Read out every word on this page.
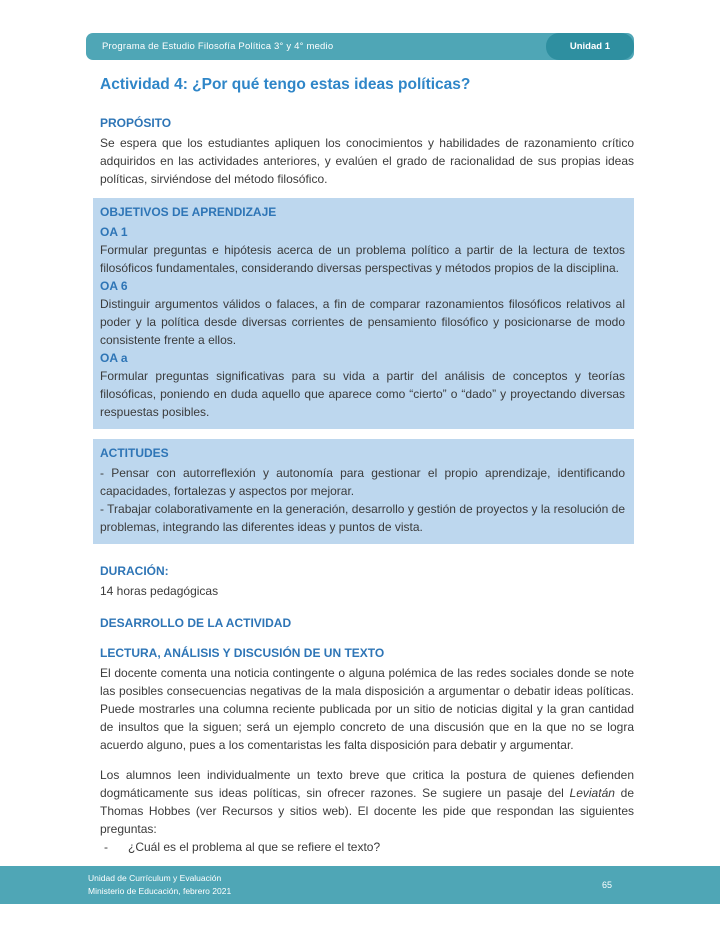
Programa de Estudio Filosofía Política 3° y 4° medio	Unidad 1
Actividad 4: ¿Por qué tengo estas ideas políticas?
PROPÓSITO

Se espera que los estudiantes apliquen los conocimientos y habilidades de razonamiento crítico adquiridos en las actividades anteriores, y evalúen el grado de racionalidad de sus propias ideas políticas, sirviéndose del método filosófico.

OBJETIVOS DE APRENDIZAJE
OA 1

Formular preguntas e hipótesis acerca de un problema político a partir de la lectura de textos filosóficos fundamentales, considerando diversas perspectivas y métodos propios de la disciplina.

OA 6

Distinguir argumentos válidos o falaces, a fin de comparar razonamientos filosóficos relativos al poder y la política desde diversas corrientes de pensamiento filosófico y posicionarse de modo consistente frente a ellos.

OA a

Formular preguntas significativas para su vida a partir del análisis de conceptos y teorías filosóficas, poniendo en duda aquello que aparece como “cierto” o “dado” y proyectando diversas respuestas posibles.

ACTITUDES

- Pensar con autorreflexión y autonomía para gestionar el propio aprendizaje, identificando capacidades, fortalezas y aspectos por mejorar.

- Trabajar colaborativamente en la generación, desarrollo y gestión de proyectos y la resolución de problemas, integrando las diferentes ideas y puntos de vista.

DURACIÓN:

14 horas pedagógicas

DESARROLLO DE LA ACTIVIDAD
LECTURA, ANÁLISIS Y DISCUSIÓN DE UN TEXTO

El docente comenta una noticia contingente o alguna polémica de las redes sociales donde se note las posibles consecuencias negativas de la mala disposición a argumentar o debatir ideas políticas. Puede mostrarles una columna reciente publicada por un sitio de noticias digital y la gran cantidad de insultos que la siguen; será un ejemplo concreto de una discusión que en la que no se logra acuerdo alguno, pues a los comentaristas les falta disposición para debatir y argumentar.

Los alumnos leen individualmente un texto breve que critica la postura de quienes defienden dogmáticamente sus ideas políticas, sin ofrecer razones. Se sugiere un pasaje del Leviatán de Thomas Hobbes (ver Recursos y sitios web). El docente les pide que respondan las siguientes preguntas:

-	¿Cuál es el problema al que se refiere el texto?
Unidad de Currículum y Evaluación
Ministerio de Educación, febrero 2021
65
